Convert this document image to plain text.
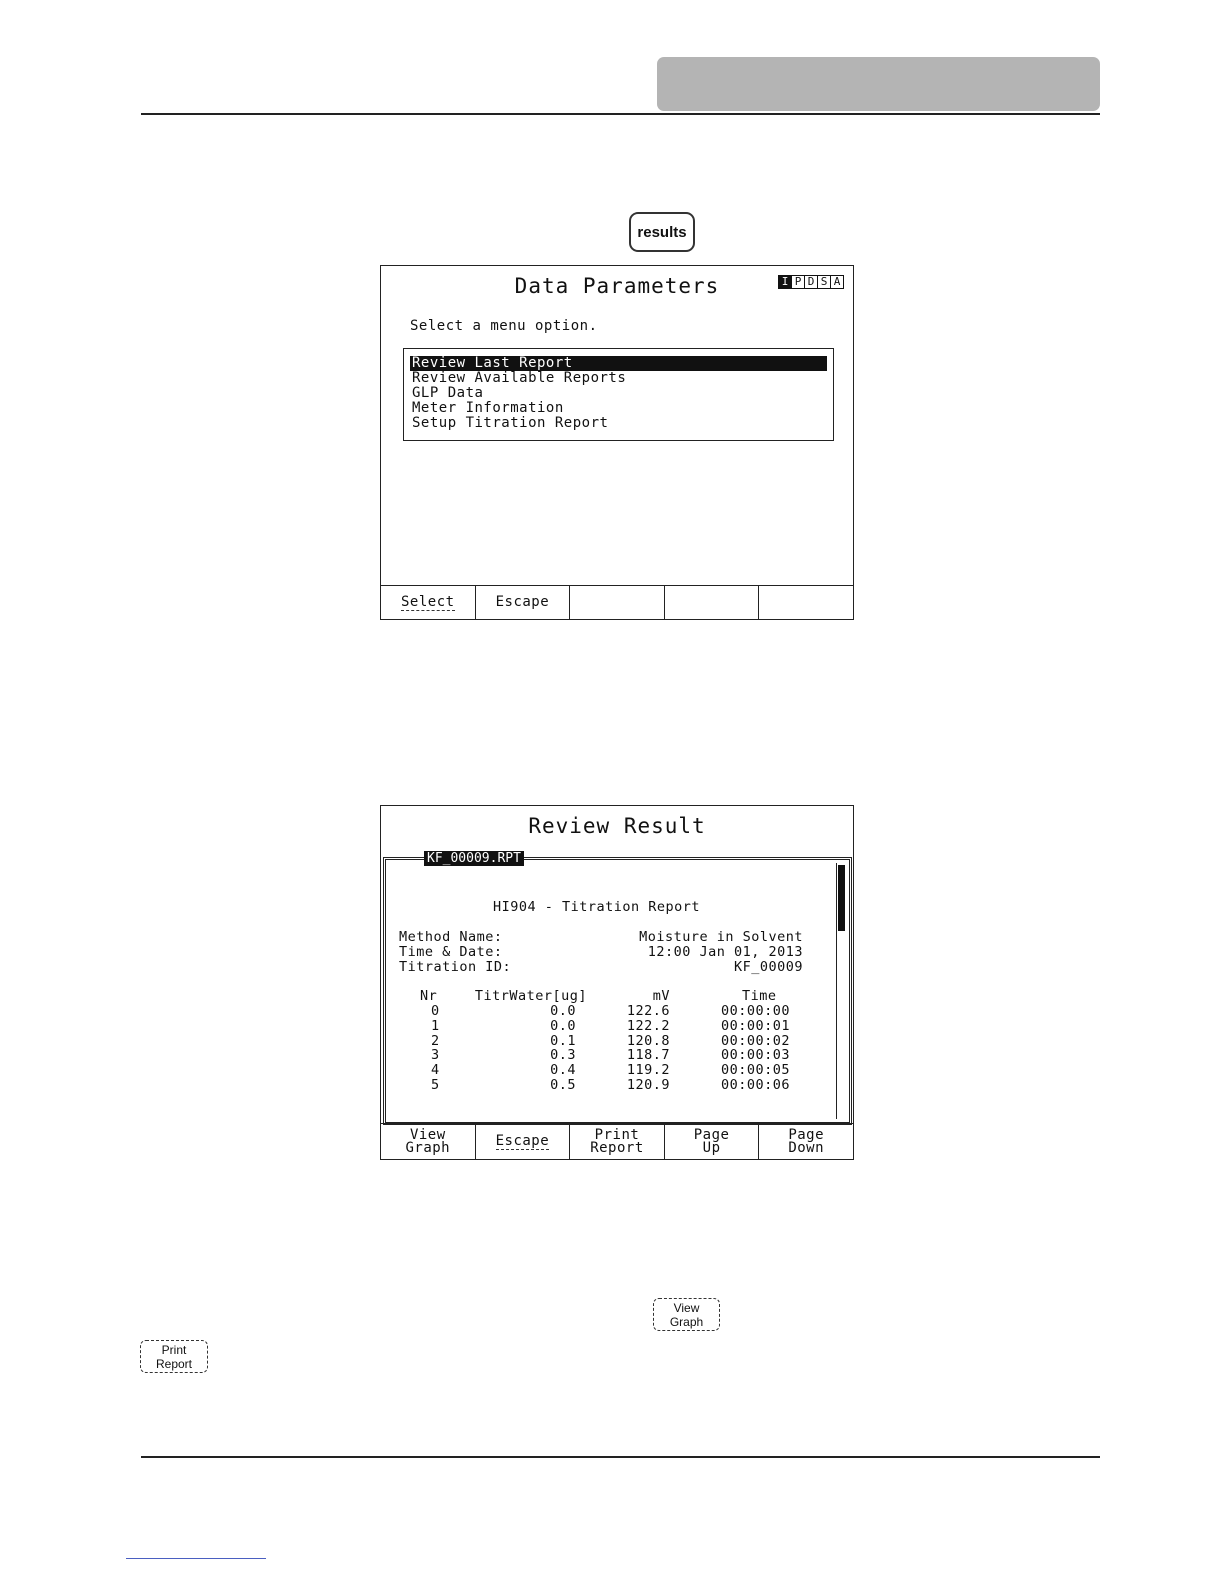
results
Data Parameters	I P D S A
Select a menu option.
Review Last Report
Review Available Reports
GLP Data
Meter Information
Setup Titration Report
Select	Escape
Review Result
KF_00009.RPT
HI904 - Titration Report
Method Name:	Moisture in Solvent
Time & Date:	12:00 Jan 01, 2013
Titration ID:	KF_00009
Nr	TitrWater[ug]	mV	Time
0	0.0	122.6	00:00:00
1	0.0	122.2	00:00:01
2	0.1	120.8	00:00:02
3	0.3	118.7	00:00:03
4	0.4	119.2	00:00:05
5	0.5	120.9	00:00:06
View
Graph	Escape	Print
Report
Page
Up
Page
Down
View
Graph
Print
Report
